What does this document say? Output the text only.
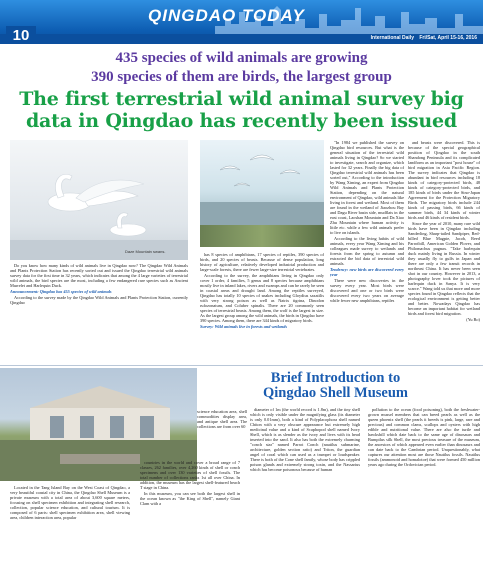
QINGDAO TODAY
10	International Daily Fri/Sat, April 15-16, 2016
435 species of wild animals are growing
390 species of them are birds, the largest group
The first terrestrial wild animal survey big
data in Qingdao has recently been issued
Daze Mountain swans.

Do you know how many kinds of wild animals live in Qingdao now? The Qingdao Wild Animals and Plants Protection Station has recently sorted out and issued the Qingdao terrestrial wild animals survey data for the first time in 32 years, which indicates that among the 4 large varieties of terrestrial wild animals, the bird species are the most, including a few endangered rare species such as Ancient Murrelet and Harlequin Duck.

Announcement: Qingdao has 455 species of wild animals

According to the survey made by the Qingdao Wild Animals and Plants Protection Station, currently Qingdao

has 8 species of amphibians, 17 species of reptiles, 390 species of birds, and 20 species of beasts. Because of dense population, long history of agriculture, relatively developed industrial production and large-scale forests, there are fewer large-size terrestrial vertebrates.

According to the survey, the amphibians living in Qingdao only cover 1 order, 4 families, 5 genus and 8 species because amphibians mostly live in inland lakes, rivers and swamps and can be rarely be seen in coastal areas and drought land. Among the reptiles surveyed, Qingdao has totally 10 species of snakes including Gloydius saxatilis with very strong poison as well as Natrix tigrina, Dinodon rufozonatum, and Coluber spinalis. There are 20 commonly seen species of terrestrial beasts. Among them, the wolf is the largest in size. As the largest group among the wild animals, the birds in Qingdao have 390 species. Among them, there are 344 kinds of migratory birds.

Survey: Wild animals live in forests and wetlands

"In 1984 we published the survey on Qingdao bird resources. But what is the general situation of the terrestrial wild animals living in Qingdao? So we started to investigate, search and organize, which lasted for 32 years. Finally the big data of Qingdao terrestrial wild animals has been sorted out," According to the introduction by Wang Ximing, an expert from Qingdao Wild Animals and Plants Protection Station, depending on the natural environment of Qingdao, wild animals like living in forest and wetland. Most of them are found in the wetland of Jiaozhou Bay and Dagu River basin side, mudflats in the east coast, Laoshan Mountain and Da Xiao Zhu Mountain where human activity is little etc. while a few wild animals prefer to live on islands.

According to the living habits of wild animals, every year Wang Ximing and his colleagues made survey to wetlands and forests from the spring to autumn and extracted the bid data of terrestrial wild animals.

Tendency: new birds are discovered every year

There were new discoveries in the survey every year. Most birds were discovered and one or two birds were discovered every two years on average while fewer new amphibians, reptiles

and beasts were discovered. This is because of the special geographical position of Qingdao in the south Shandong Peninsula and its complicated landform as an important "post house" of bird migration in Asia Pacific Region. The survey indicates that Qingdao is abundant in bird resources including 18 kinds of category-protected birds, 48 kinds of category-protected birds, and 185 kinds of birds under the Sino-Japan Agreement for the Protection Migratory Birds. The migratory birds include 244 kinds of passing birds, 66 kinds of summer birds, 44 34 kinds of winter birds and 46 kinds of resident birds.

Since the year of 2010, many rare wild birds have been in Qingdao including Sanderling, Sharp-tailed Sandpiper, Red-billed Blue Magpie, Jacob, Reed Parrotbill, American Golden Plover, and Philomachus pugnax. "Take harlequin duck mainly living in Russia. In winter they usually fly to gulfs in Japan and there are only a few transit records in northeast China. It has never been seen shot in our country. However in 2013, a photography lover took the pictures of harlequin duck in Sanya. It is very scarce." Wang told us that more and more species found in Qingdao reflects that the ecological environment is getting better and better. Nowadays Qingdao has become an important habitat for wetland birds and forest bird migration.

(Yu Bo)

Brief Introduction to
Qingdao Shell Museum
science education area, shell commodities display area, and antique shell area. The collections are from over 60

Located in the Tang Island Bay on the West Coast of Qingdao, a very beautiful coastal city in China, the Qingdao Shell Museum is a private museum with a total area of about 3,600 square meters, focusing on shell specimen exhibition and integrating shell research, collection, popular science education, and cultural tourism. It is composed of 6 parts: shell specimen exhibition area, shell viewing area, children interaction area, popular

countries in the world and cover a broad range of 7 classes, 262 families, over 4,260 kinds of shell or conch specimens and over 130 varieties of shell fossils. The total number of collections ranks 1st all over China. In addition, the museum has the largest shell-featured beach T stage in China.

In this museum, you can see both the largest shell in the ocean known as "the King of Shell", namely Giant Clam with a

diameter of 1m (the world record is 1.8m), and the tiny shell which is only visible under the magnifying glass (its diameter is only 0.01mm), both a kind of Polyplacophora shell named Chiton with a very obscure appearance but extremely high medicinal value and a kind of Scaphopod shell named Ivory Shell, which is as slender as the ivory and lives with its head inserted into the sand. It also has both the extremely charming "conch star" named Parrot Conch (nautilus submarine, architecture, golden section ratio) and Triton, the guardian angel of coral which can used as a trumpet or loudspeaker. There is both of the Cone shell family, whose body has crippled poison glands and extremely strong toxin, and the Nassarius which has become poisonous because of human

pollution to the ocean (food poisoning), both the freshwater-grown mussel members that can breed pearls as well as the queen phoenix shell (the pearls it breeds is pink, large, rare and precious) and common clams, scallops and oysters with high edible and nutritional value. There are also the turtle and hawksbill which date back to the same age of dinosaurs and Bumpilus silk Shell, the most precious treasure of the museum, the ancestors of which appeared even earlier than dinosaurs and can date back to the Cambrian period. Unquestionably, what captures our attention most are those Nautilus fossils. Nautilus fossils (ammonoid and homalotoe) that were formed 450 million years ago during the Ordovician period.
